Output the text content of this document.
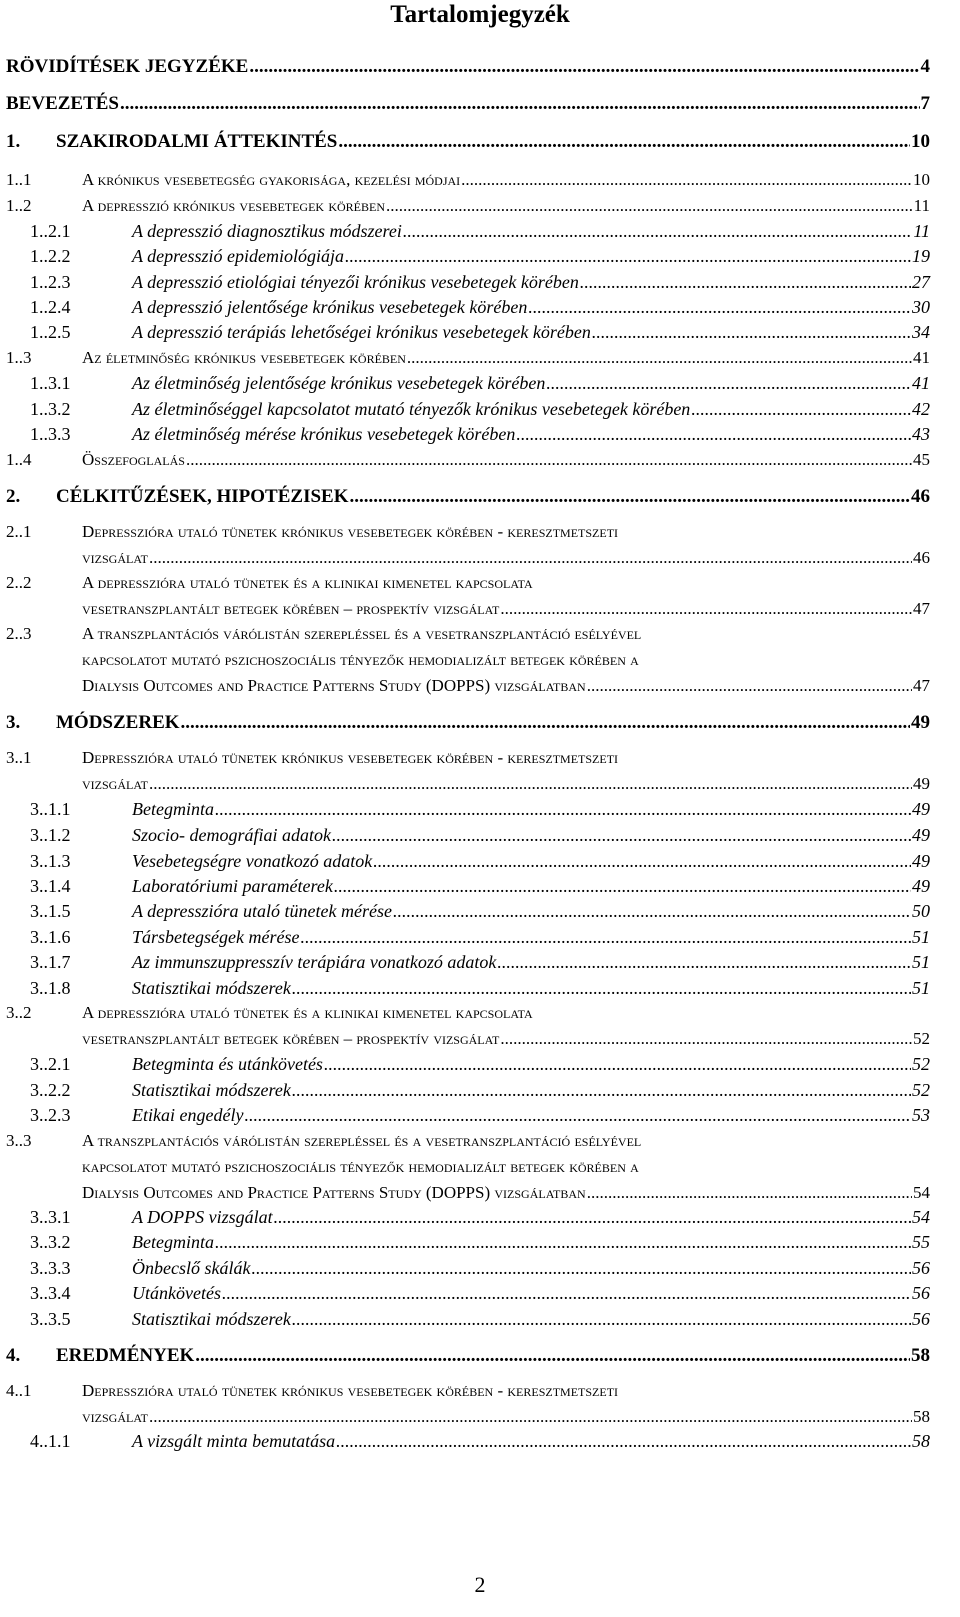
Tartalomjegyzék
RÖVIDÍTÉSEK JEGYZÉKE .....	4
BEVEZETÉS .....	7
1. SZAKIRODALMI ÁTTEKINTÉS .....	10
1..1	A krónikus vesebetegség gyakorisága, kezelési módjai .....	10
1..2	A depresszió krónikus vesebetegek körében .....	11
1..2.1	A depresszió diagnosztikus módszerei .....	11
1..2.2	A depresszió epidemiológiája .....	19
1..2.3	A depresszió etiológiai tényezői krónikus vesebetegek körében .....	27
1..2.4	A depresszió jelentősége krónikus vesebetegek körében .....	30
1..2.5	A depresszió terápiás lehetőségei krónikus vesebetegek körében .....	34
1..3	Az életminőség krónikus vesebetegek körében .....	41
1..3.1	Az életminőség jelentősége krónikus vesebetegek körében .....	41
1..3.2	Az életminőséggel kapcsolatot mutató tényezők krónikus vesebetegek körében .....	42
1..3.3	Az életminőség mérése krónikus vesebetegek körében .....	43
1..4	Összefoglalás .....	45
2. CÉLKITŰZÉSEK, HIPOTÉZISEK .....	46
2..1	Depresszióra utaló tünetek krónikus vesebetegek körében - keresztmetszeti
vizsgálat .....	46
2..2	A depresszióra utaló tünetek és a klinikai kimenetel kapcsolata
vesetranszplantált betegek körében – prospektív vizsgálat .....	47
2..3	A transzplantációs várólistán szerepléssel és a vesetranszplantáció esélyével
kapcsolatot mutató pszichoszociális tényezők hemodializált betegek körében a
Dialysis Outcomes and Practice Patterns Study (DOPPS) vizsgálatban .....	47
3. MÓDSZEREK .....	49
3..1	Depresszióra utaló tünetek krónikus vesebetegek körében - keresztmetszeti
vizsgálat .....	49
3..1.1	Betegminta .....	49
3..1.2	Szocio- demográfiai adatok .....	49
3..1.3	Vesebetegségre vonatkozó adatok .....	49
3..1.4	Laboratóriumi paraméterek .....	49
3..1.5	A depresszióra utaló tünetek mérése .....	50
3..1.6	Társbetegségek mérése .....	51
3..1.7	Az immunszuppresszív terápiára vonatkozó adatok .....	51
3..1.8	Statisztikai módszerek .....	51
3..2	A depresszióra utaló tünetek és a klinikai kimenetel kapcsolata
vesetranszplantált betegek körében – prospektív vizsgálat .....	52
3..2.1	Betegminta és utánkövetés .....	52
3..2.2	Statisztikai módszerek .....	52
3..2.3	Etikai engedély .....	53
3..3	A transzplantációs várólistán szerepléssel és a vesetranszplantáció esélyével
kapcsolatot mutató pszichoszociális tényezők hemodializált betegek körében a
Dialysis Outcomes and Practice Patterns Study (DOPPS) vizsgálatban .....	54
3..3.1	A DOPPS vizsgálat .....	54
3..3.2	Betegminta .....	55
3..3.3	Önbecslő skálák .....	56
3..3.4	Utánkövetés .....	56
3..3.5	Statisztikai módszerek .....	56
4. EREDMÉNYEK .....	58
4..1	Depresszióra utaló tünetek krónikus vesebetegek körében - keresztmetszeti
vizsgálat .....	58
4..1.1	A vizsgált minta bemutatása .....	58
2
